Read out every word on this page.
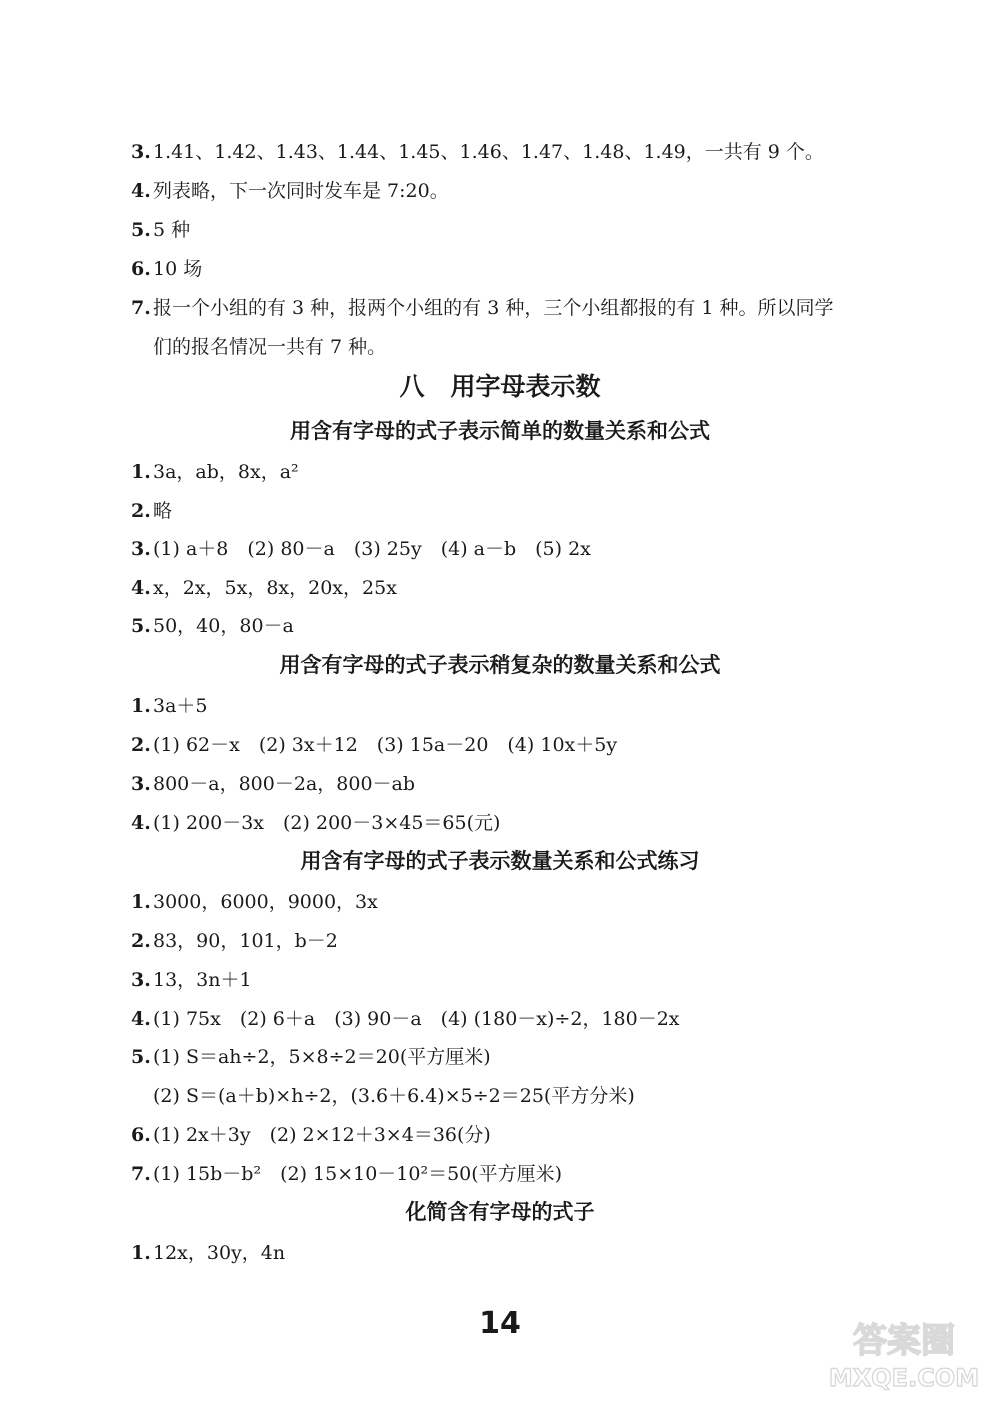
3. 1.41、1.42、1.43、1.44、1.45、1.46、1.47、1.48、1.49，一共有 9 个。
4. 列表略，下一次同时发车是 7:20。
5. 5 种
6. 10 场
7. 报一个小组的有 3 种，报两个小组的有 3 种，三个小组都报的有 1 种。所以同学
们的报名情况一共有 7 种。
八 用字母表示数
用含有字母的式子表示简单的数量关系和公式
1. 3a，ab，8x，a²
2. 略
3. (1) a＋8　(2) 80－a　(3) 25y　(4) a－b　(5) 2x
4. x，2x，5x，8x，20x，25x
5. 50，40，80－a
用含有字母的式子表示稍复杂的数量关系和公式
1. 3a＋5
2. (1) 62－x　(2) 3x＋12　(3) 15a－20　(4) 10x＋5y
3. 800－a，800－2a，800－ab
4. (1) 200－3x　(2) 200－3×45＝65(元)
用含有字母的式子表示数量关系和公式练习
1. 3000，6000，9000，3x
2. 83，90，101，b－2
3. 13，3n＋1
4. (1) 75x　(2) 6＋a　(3) 90－a　(4) (180－x)÷2，180－2x
5. (1) S＝ah÷2，5×8÷2＝20(平方厘米)
(2) S＝(a＋b)×h÷2，(3.6＋6.4)×5÷2＝25(平方分米)
6. (1) 2x＋3y　(2) 2×12＋3×4＝36(分)
7. (1) 15b－b²　(2) 15×10－10²＝50(平方厘米)
化简含有字母的式子
1. 12x，30y，4n
14	答案圈
MXQE.COM
